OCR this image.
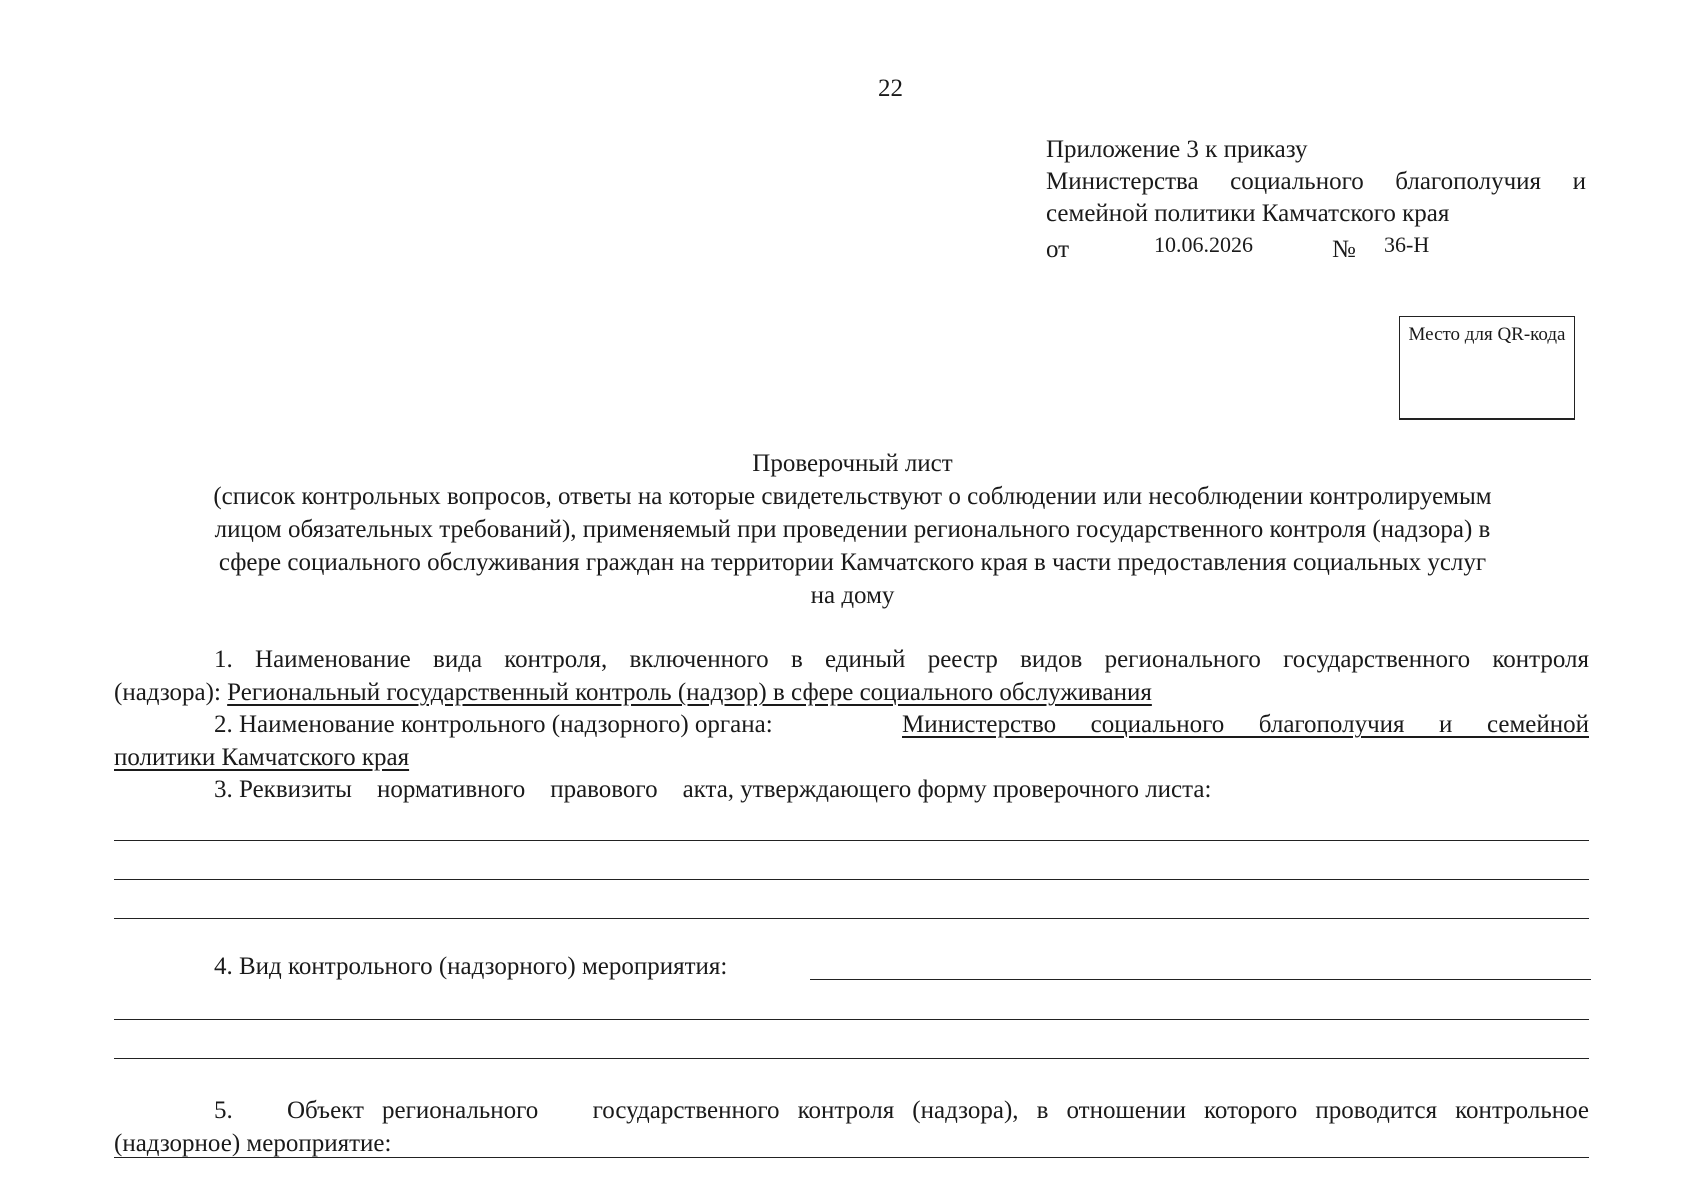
22
Приложение 3 к приказу
Министерства социального благополучия и
семейной политики Камчатского края
от	10.06.2026	№ 36-Н
Место для QR-кода
Проверочный лист
(список контрольных вопросов, ответы на которые свидетельствуют о соблюдении или несоблюдении контролируемым
лицом обязательных требований), применяемый при проведении регионального государственного контроля (надзора) в
сфере социального обслуживания граждан на территории Камчатского края в части предоставления социальных услуг
на дому
1. Наименование вида контроля, включенного в единый реестр видов регионального государственного контроля
(надзора): Региональный государственный контроль (надзор) в сфере социального обслуживания
2. Наименование контрольного (надзорного) органа:	Министерство социального благополучия и семейной
политики Камчатского края
3. Реквизиты    нормативного    правового    акта, утверждающего форму проверочного листа:
4. Вид контрольного (надзорного) мероприятия:
5.   Объект регионального   государственного контроля (надзора), в отношении которого проводится контрольное
(надзорное) мероприятие:
